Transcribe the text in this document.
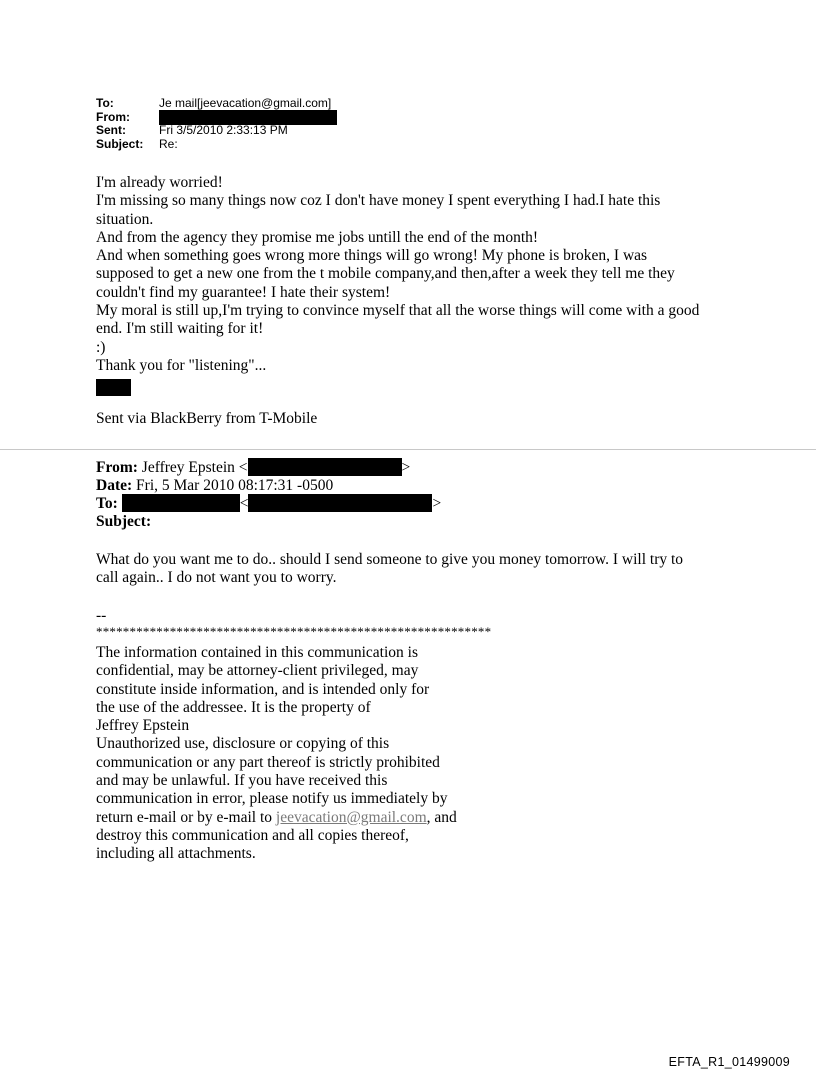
To:	Je mail[jeevacation@gmail.com]
From:
Sent:	Fri 3/5/2010 2:33:13 PM
Subject:	Re:

I'm already worried!

I'm missing so many things now coz I don't have money I spent everything I had.I hate this

situation.

And from the agency they promise me jobs untill the end of the month!

And when something goes wrong more things will go wrong! My phone is broken, I was

supposed to get a new one from the t mobile company,and then,after a week they tell me they

couldn't find my guarantee! I hate their system!

My moral is still up,I'm trying to convince myself that all the worse things will come with a good

end. I'm still waiting for it!

:)

Thank you for "listening"...

Sent via BlackBerry from T-Mobile
From: Jeffrey Epstein <	>
Date: Fri, 5 Mar 2010 08:17:31 -0500
To:	<	>
Subject:

What do you want me to do.. should I send someone to give you money tomorrow. I will try to

call again.. I do not want you to worry.

--
***********************************************************

The information contained in this communication is

confidential, may be attorney-client privileged, may

constitute inside information, and is intended only for

the use of the addressee. It is the property of

Jeffrey Epstein

Unauthorized use, disclosure or copying of this

communication or any part thereof is strictly prohibited

and may be unlawful. If you have received this

communication in error, please notify us immediately by

return e-mail or by e-mail to jeevacation@gmail.com, and

destroy this communication and all copies thereof,

including all attachments.

EFTA_R1_01499009
